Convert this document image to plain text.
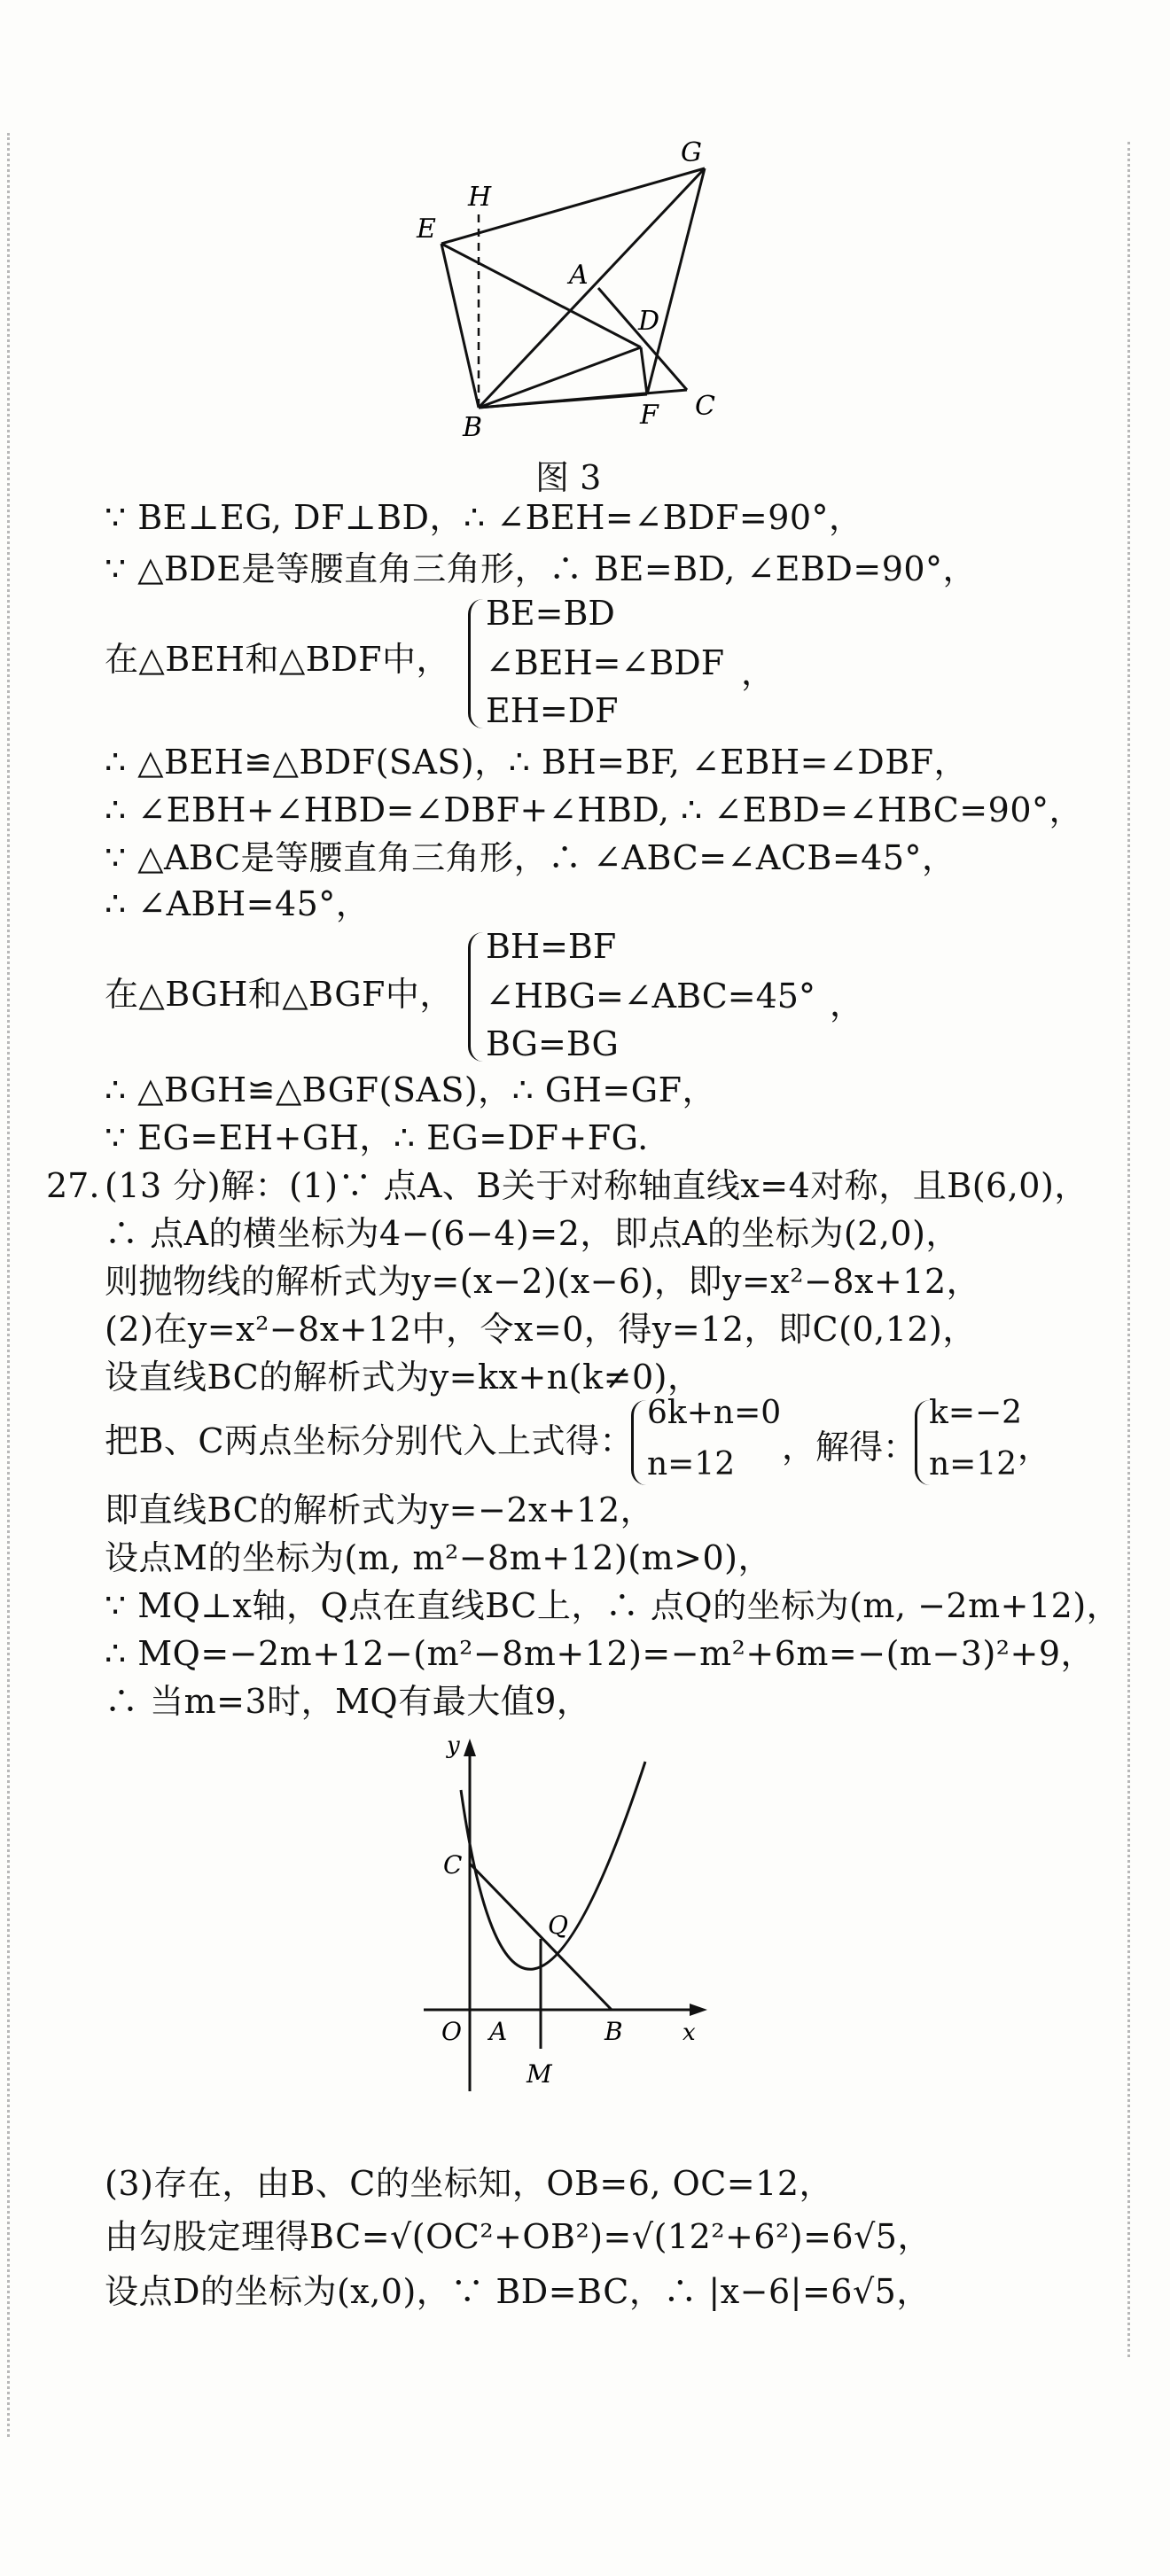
G
E
H
A
D
B	F C
图 3
∵ BE⊥EG, DF⊥BD，∴ ∠BEH=∠BDF=90°，
∵ △BDE是等腰直角三角形，∴ BE=BD, ∠EBD=90°，
在△BEH和△BDF中，
BE=BD
∠BEH=∠BDF
EH=DF
，
∴ △BEH≌△BDF(SAS)，∴ BH=BF, ∠EBH=∠DBF，
∴ ∠EBH+∠HBD=∠DBF+∠HBD, ∴ ∠EBD=∠HBC=90°，
∵ △ABC是等腰直角三角形，∴ ∠ABC=∠ACB=45°，
∴ ∠ABH=45°，
在△BGH和△BGF中，
BH=BF
∠HBG=∠ABC=45°
BG=BG
，
∴ △BGH≌△BGF(SAS)，∴ GH=GF，
∵ EG=EH+GH，∴ EG=DF+FG.
27. (13 分)解：(1)∵ 点A、B关于对称轴直线x=4对称，且B(6,0)，
∴ 点A的横坐标为4−(6−4)=2，即点A的坐标为(2,0)，
则抛物线的解析式为y=(x−2)(x−6)，即y=x²−8x+12，
(2)在y=x²−8x+12中，令x=0，得y=12，即C(0,12)，
设直线BC的解析式为y=kx+n(k≠0)，
把B、C两点坐标分别代入上式得：
6k+n=0
n=12 ，解得：
k=−2
n=12 ，
即直线BC的解析式为y=−2x+12，
设点M的坐标为(m, m²−8m+12)(m>0)，
∵ MQ⊥x轴，Q点在直线BC上，∴ 点Q的坐标为(m, −2m+12)，
∴ MQ=−2m+12−(m²−8m+12)=−m²+6m=−(m−3)²+9，
∴ 当m=3时，MQ有最大值9，
y
x
O A	B
C
Q
M
(3)存在，由B、C的坐标知，OB=6, OC=12，
由勾股定理得BC=√(OC²+OB²)=√(12²+6²)=6√5，
设点D的坐标为(x,0)，∵ BD=BC，∴ |x−6|=6√5，
